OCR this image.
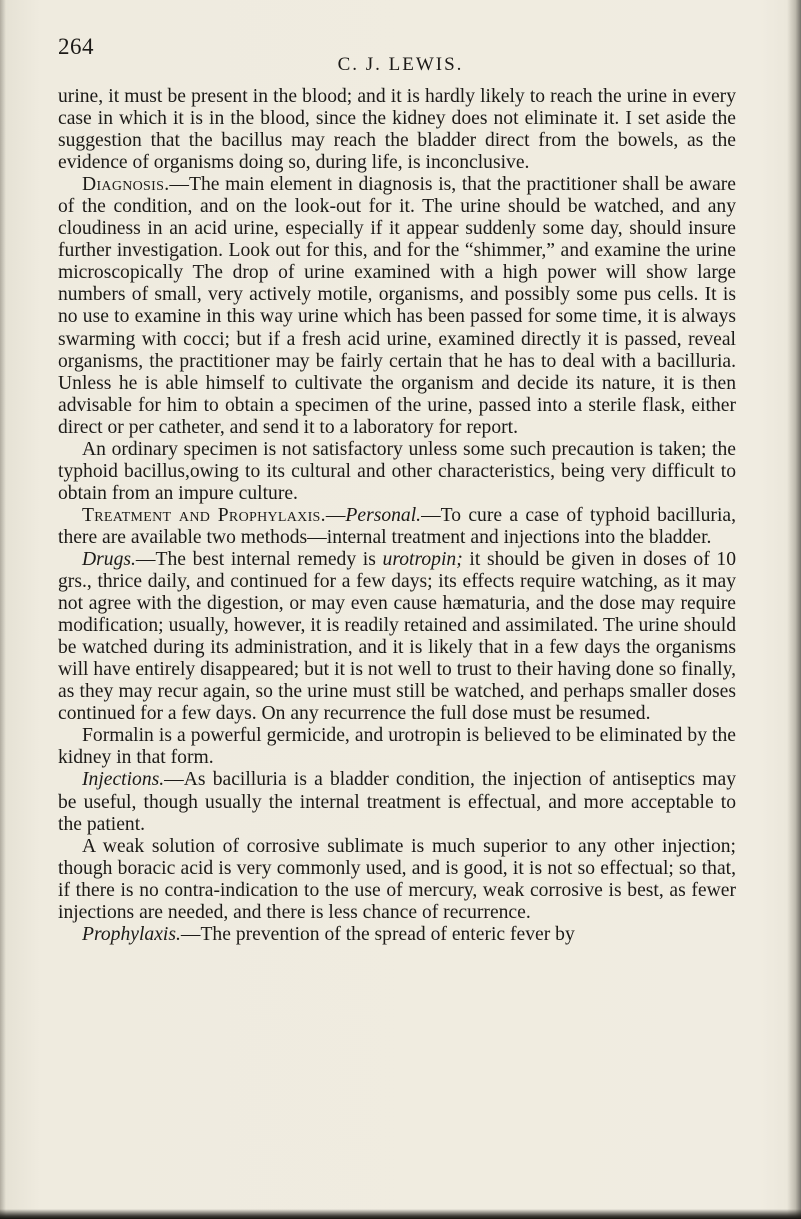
264
C. J. LEWIS.

urine, it must be present in the blood; and it is hardly likely to reach the urine in every case in which it is in the blood, since the kidney does not eliminate it. I set aside the suggestion that the bacillus may reach the bladder direct from the bowels, as the evidence of organisms doing so, during life, is inconclusive.

Diagnosis.—The main element in diagnosis is, that the practitioner shall be aware of the condition, and on the look-out for it. The urine should be watched, and any cloudiness in an acid urine, especially if it appear suddenly some day, should insure further investigation. Look out for this, and for the “shimmer,” and examine the urine microscopically The drop of urine examined with a high power will show large numbers of small, very actively motile, organisms, and possibly some pus cells. It is no use to examine in this way urine which has been passed for some time, it is always swarming with cocci; but if a fresh acid urine, examined directly it is passed, reveal organisms, the practitioner may be fairly certain that he has to deal with a bacilluria. Unless he is able himself to cultivate the organism and decide its nature, it is then advisable for him to obtain a specimen of the urine, passed into a sterile flask, either direct or per catheter, and send it to a laboratory for report.

An ordinary specimen is not satisfactory unless some such precaution is taken; the typhoid bacillus,owing to its cultural and other characteristics, being very difficult to obtain from an impure culture.

Treatment and Prophylaxis.—Personal.—To cure a case of typhoid bacilluria, there are available two methods—internal treatment and injections into the bladder.

Drugs.—The best internal remedy is urotropin; it should be given in doses of 10 grs., thrice daily, and continued for a few days; its effects require watching, as it may not agree with the digestion, or may even cause hæmaturia, and the dose may require modification; usually, however, it is readily retained and assimilated. The urine should be watched during its administration, and it is likely that in a few days the organisms will have entirely disappeared; but it is not well to trust to their having done so finally, as they may recur again, so the urine must still be watched, and perhaps smaller doses continued for a few days. On any recurrence the full dose must be resumed.

Formalin is a powerful germicide, and urotropin is believed to be eliminated by the kidney in that form.

Injections.—As bacilluria is a bladder condition, the injection of antiseptics may be useful, though usually the internal treatment is effectual, and more acceptable to the patient.

A weak solution of corrosive sublimate is much superior to any other injection; though boracic acid is very commonly used, and is good, it is not so effectual; so that, if there is no contra-indication to the use of mercury, weak corrosive is best, as fewer injections are needed, and there is less chance of recurrence.

Prophylaxis.—The prevention of the spread of enteric fever by
